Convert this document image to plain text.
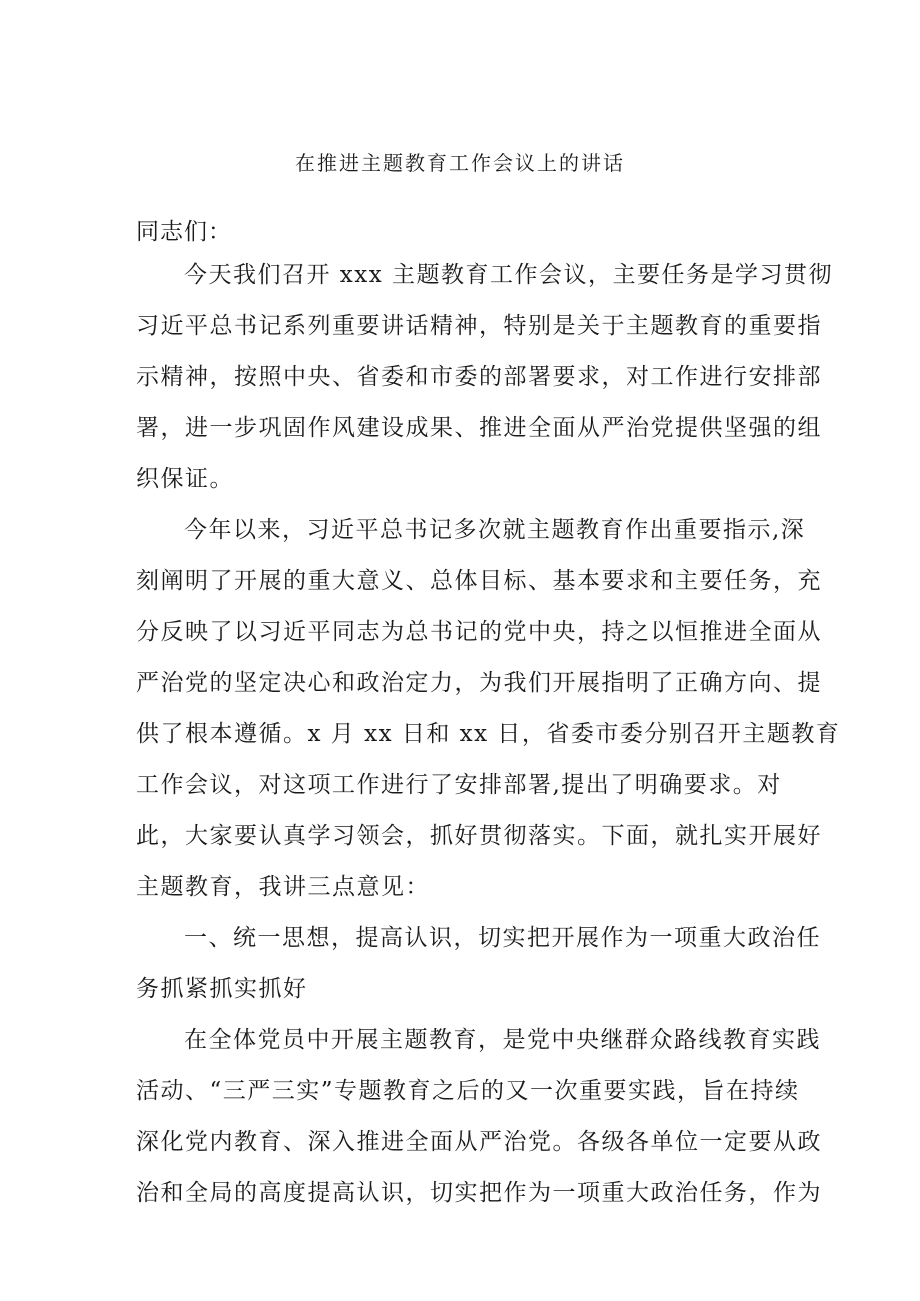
在推进主题教育工作会议上的讲话
同志们：
今天我们召开 xxx 主题教育工作会议，主要任务是学习贯彻
习近平总书记系列重要讲话精神，特别是关于主题教育的重要指
示精神，按照中央、省委和市委的部署要求，对工作进行安排部
署，进一步巩固作风建设成果、推进全面从严治党提供坚强的组
织保证。
今年以来，习近平总书记多次就主题教育作出重要指示,深
刻阐明了开展的重大意义、总体目标、基本要求和主要任务，充
分反映了以习近平同志为总书记的党中央，持之以恒推进全面从
严治党的坚定决心和政治定力，为我们开展指明了正确方向、提
供了根本遵循。x 月 xx 日和 xx 日，省委市委分别召开主题教育
工作会议，对这项工作进行了安排部署,提出了明确要求。对
此，大家要认真学习领会，抓好贯彻落实。下面，就扎实开展好
主题教育，我讲三点意见：
一、统一思想，提高认识，切实把开展作为一项重大政治任
务抓紧抓实抓好
在全体党员中开展主题教育，是党中央继群众路线教育实践
活动、“三严三实”专题教育之后的又一次重要实践，旨在持续
深化党内教育、深入推进全面从严治党。各级各单位一定要从政
治和全局的高度提高认识，切实把作为一项重大政治任务，作为
